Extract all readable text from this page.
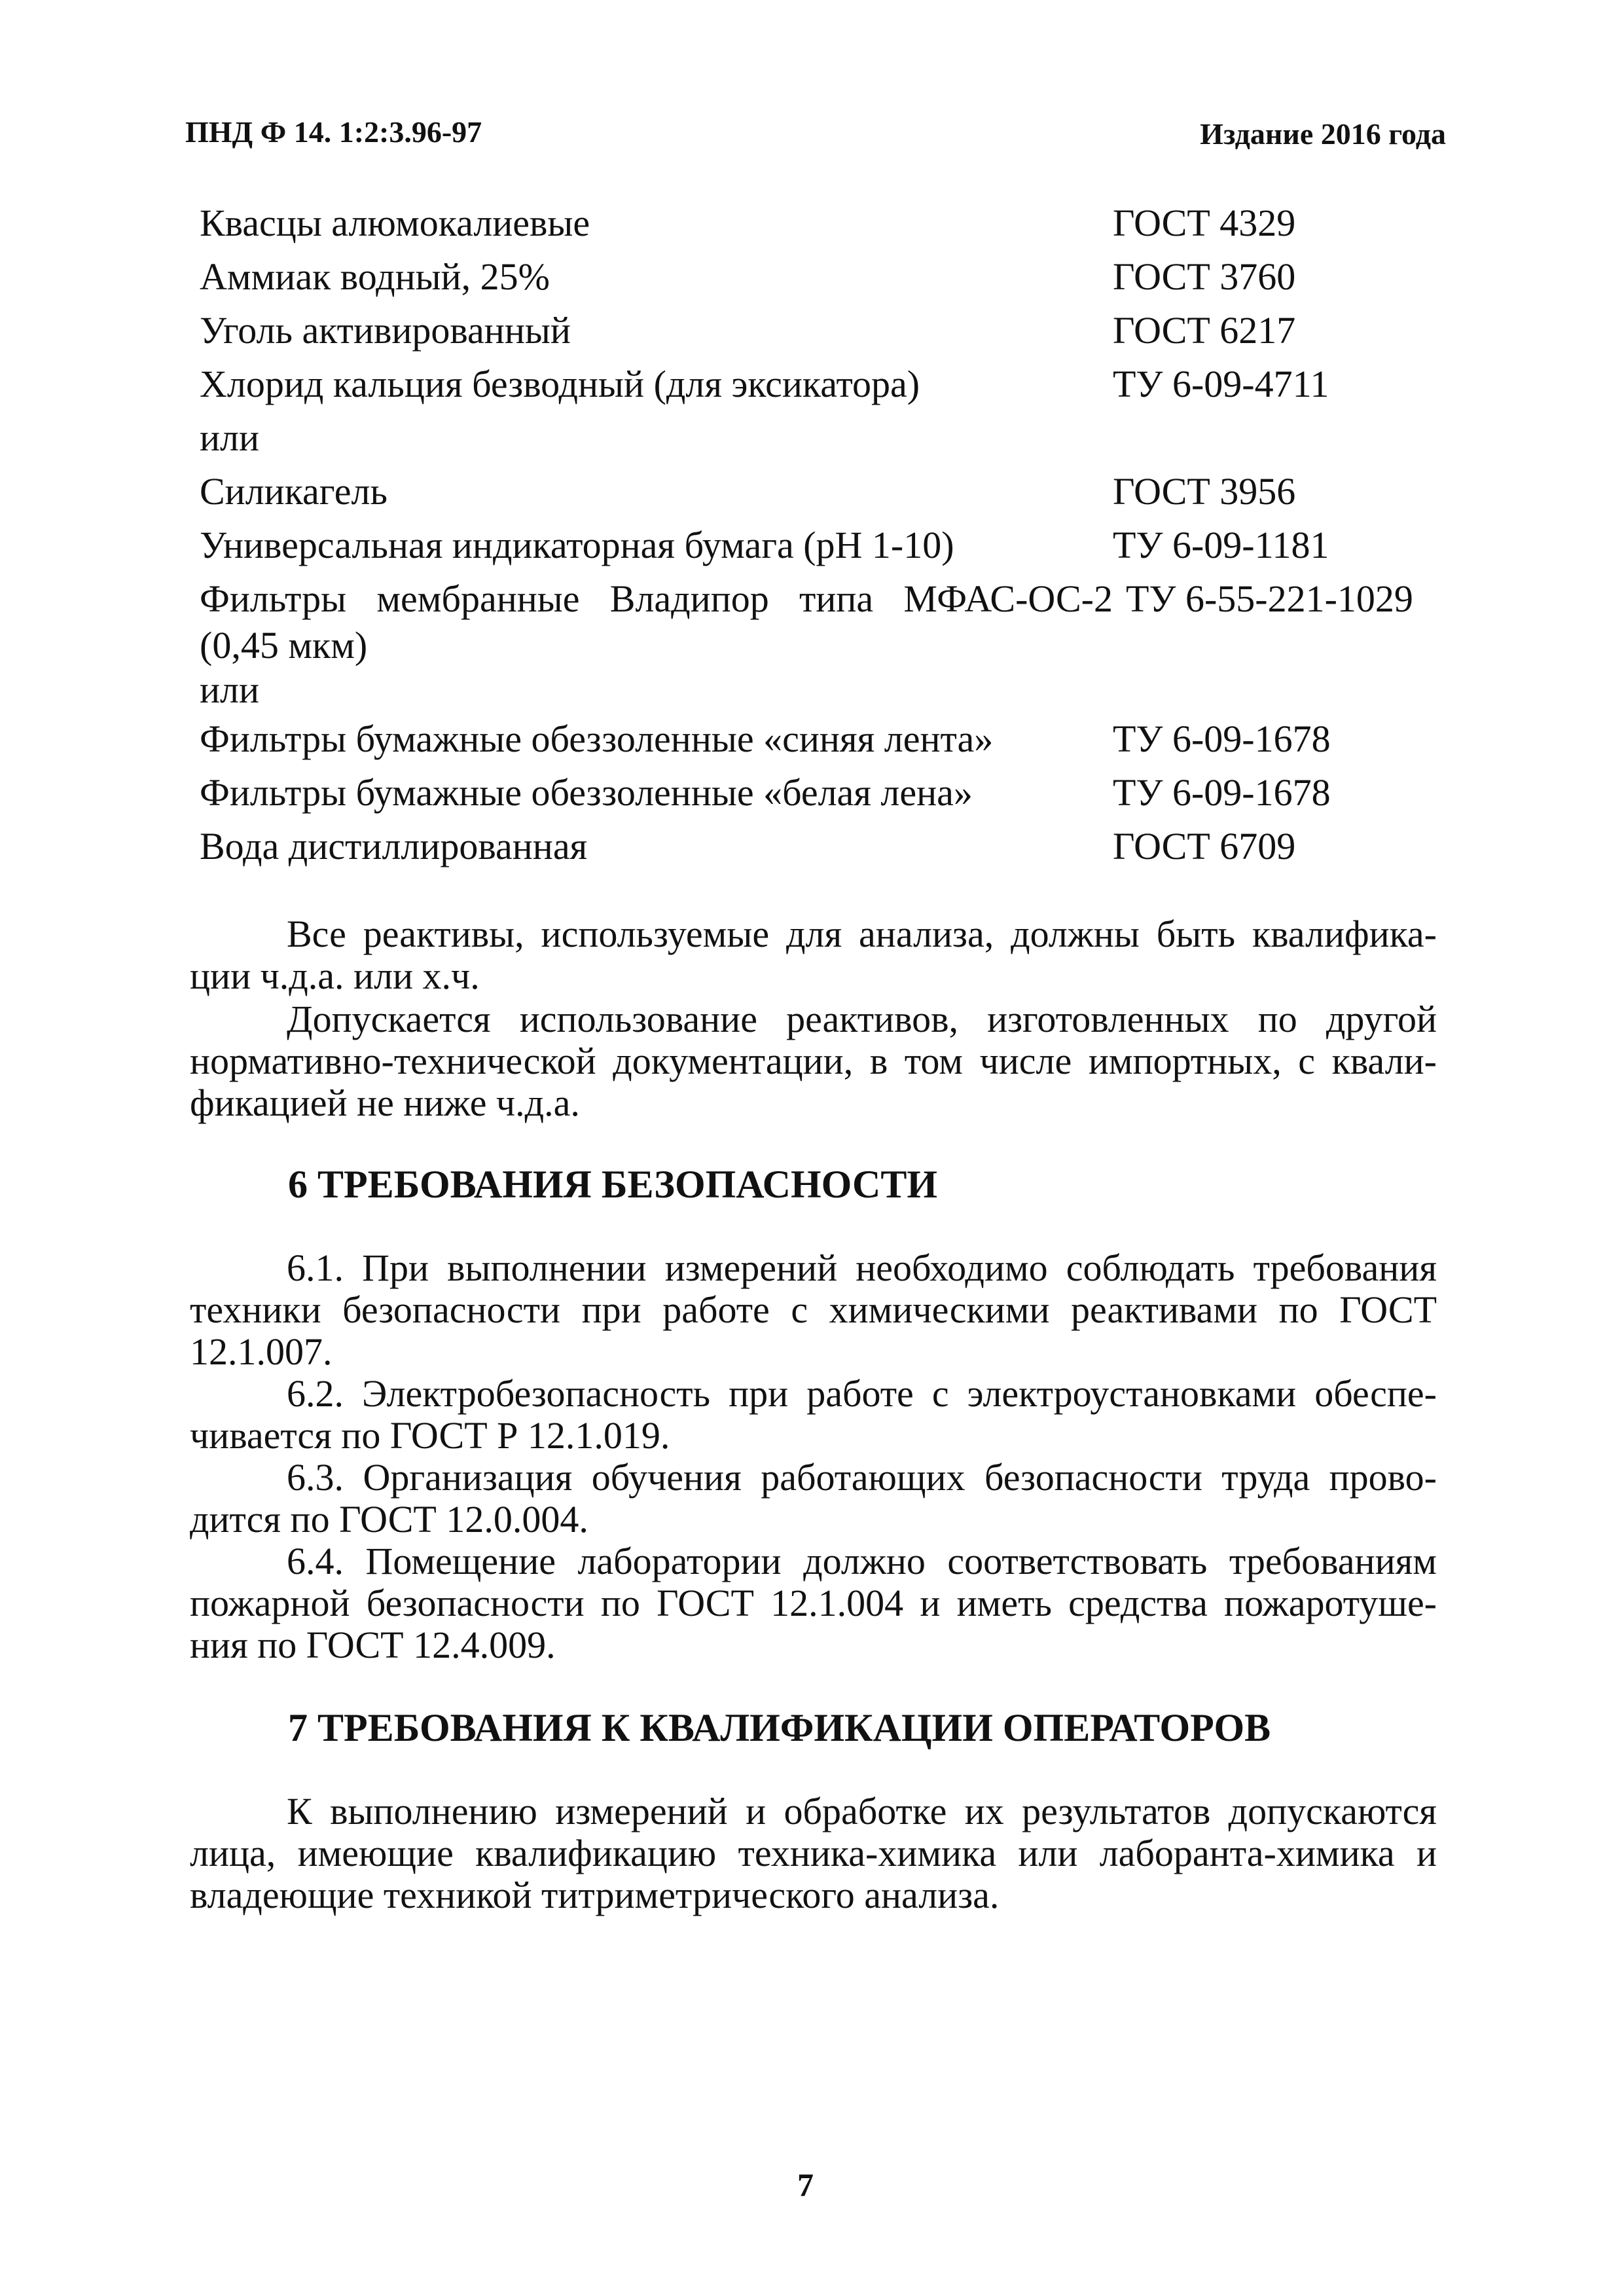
ПНД Ф 14. 1:2:3.96-97	Издание 2016 года
Квасцы алюмокалиевые	ГОСТ 4329
Аммиак водный, 25%	ГОСТ 3760
Уголь активированный	ГОСТ 6217
Хлорид кальция безводный (для эксикатора)	ТУ 6-09-4711
или
Силикагель	ГОСТ 3956
Универсальная индикаторная бумага (рН 1-10)	ТУ 6-09-1181
Фильтры мембранные Владипор типа МФАС-ОС-2 ТУ 6-55-221-1029
(0,45 мкм)
или
Фильтры бумажные обеззоленные «синяя лента»	ТУ 6-09-1678
Фильтры бумажные обеззоленные «белая лена»	ТУ 6-09-1678
Вода дистиллированная	ГОСТ 6709
Все реактивы, используемые для анализа, должны быть квалифика-
ции ч.д.а. или х.ч.
Допускается использование реактивов, изготовленных по другой
нормативно-технической документации, в том числе импортных, с квали-
фикацией не ниже ч.д.а.
6 ТРЕБОВАНИЯ БЕЗОПАСНОСТИ
6.1. При выполнении измерений необходимо соблюдать требования
техники безопасности при работе с химическими реактивами по ГОСТ
12.1.007.
6.2. Электробезопасность при работе с электроустановками обеспе-
чивается по ГОСТ Р 12.1.019.
6.3. Организация обучения работающих безопасности труда прово-
дится по ГОСТ 12.0.004.
6.4. Помещение лаборатории должно соответствовать требованиям
пожарной безопасности по ГОСТ 12.1.004 и иметь средства пожаротуше-
ния по ГОСТ 12.4.009.
7 ТРЕБОВАНИЯ К КВАЛИФИКАЦИИ ОПЕРАТОРОВ
К выполнению измерений и обработке их результатов допускаются
лица, имеющие квалификацию техника-химика или лаборанта-химика и
владеющие техникой титриметрического анализа.
7
